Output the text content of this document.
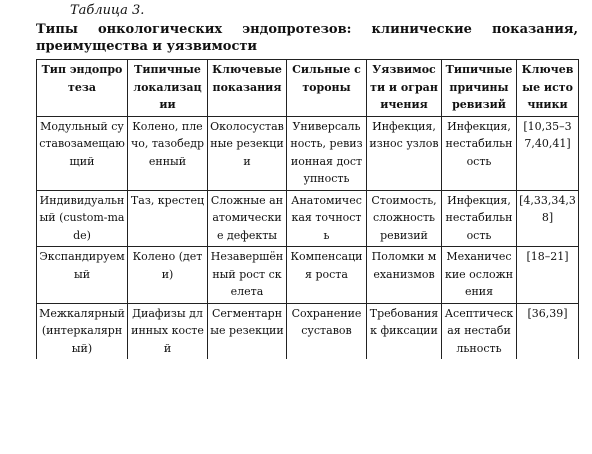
Таблица 3.
Типы онкологических эндопротезов: клинические показания,
преимущества и уязвимости
Тип эндопротеза	Типичные локализации	Ключевые показания	Сильные стороны	Уязвимости и ограничения	Типичные причины ревизий	Ключевые источники
Модульный суставозамещающий	Колено, плечо, тазобедренный	Околосуставные резекции	Универсальность, ревизионная доступность	Инфекция, износ узлов	Инфекция, нестабильность	[10,35–37,40,41]
Индивидуальный (custom-made)	Таз, крестец	Сложные анатомические дефекты	Анатомическая точность	Стоимость, сложность ревизий	Инфекция, нестабильность	[4,33,34,38]
Экспандируемый	Колено (дети)	Незавершённый рост скелета	Компенсация роста	Поломки механизмов	Механические осложнения	[18–21]
Межкалярный (интеркалярный)	Диафизы длинных костей	Сегментарные резекции	Сохранение суставов	Требования к фиксации	Асептическая нестабильность	[36,39]
